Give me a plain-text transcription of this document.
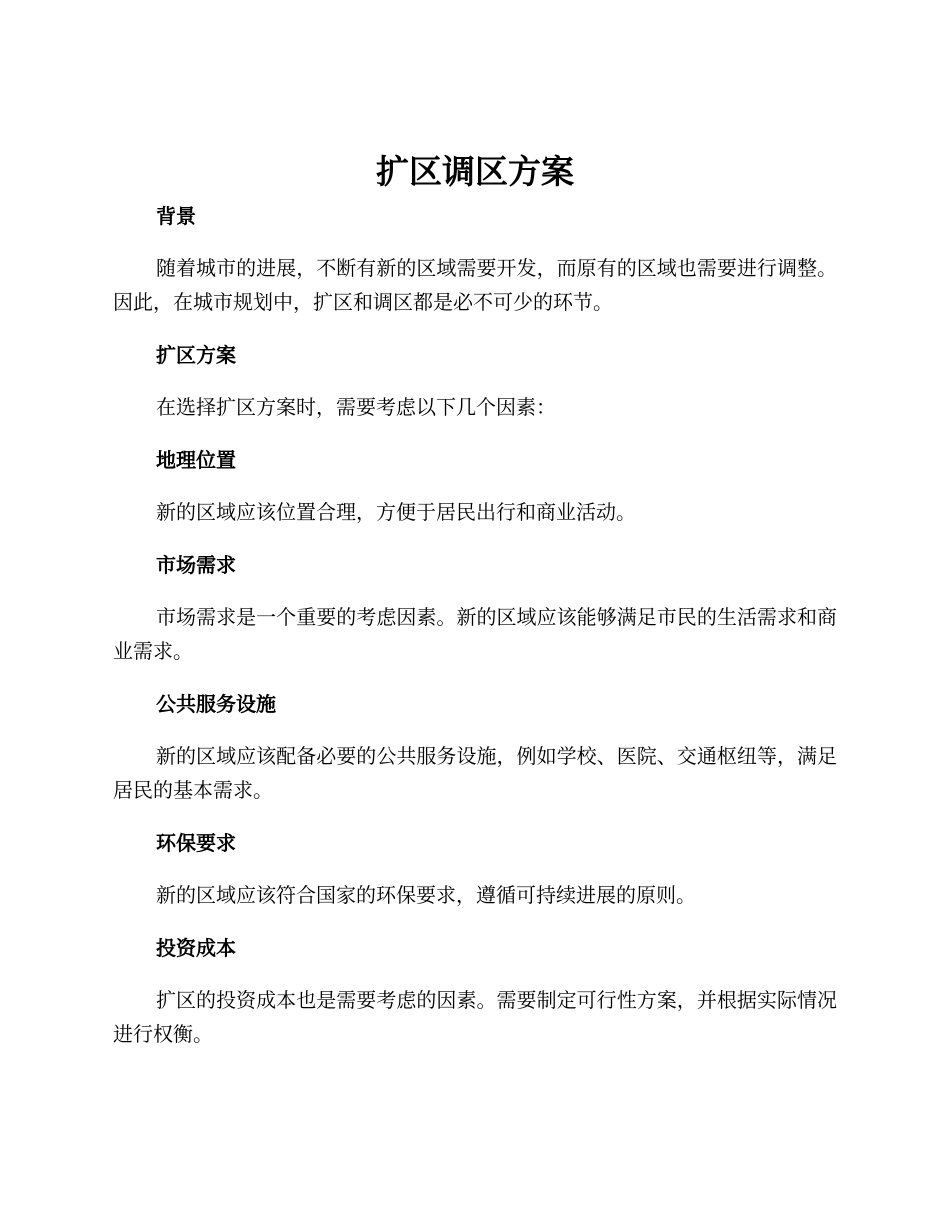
扩区调区方案
背景

随着城市的进展，不断有新的区域需要开发，而原有的区域也需要进行调整。因此，在城市规划中，扩区和调区都是必不可少的环节。

扩区方案

在选择扩区方案时，需要考虑以下几个因素：

地理位置

新的区域应该位置合理，方便于居民出行和商业活动。

市场需求

市场需求是一个重要的考虑因素。新的区域应该能够满足市民的生活需求和商业需求。

公共服务设施

新的区域应该配备必要的公共服务设施，例如学校、医院、交通枢纽等，满足居民的基本需求。

环保要求

新的区域应该符合国家的环保要求，遵循可持续进展的原则。

投资成本

扩区的投资成本也是需要考虑的因素。需要制定可行性方案，并根据实际情况进行权衡。
